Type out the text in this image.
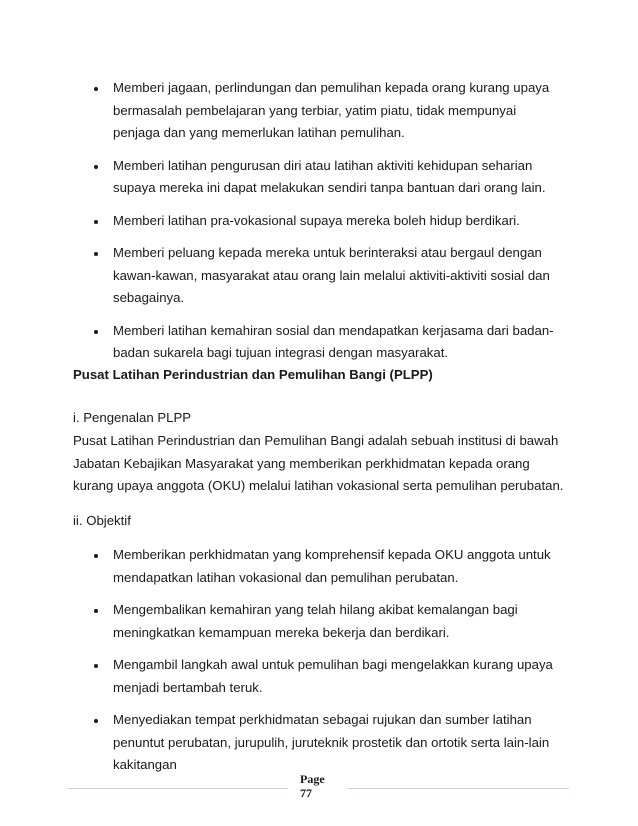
Memberi jagaan, perlindungan dan pemulihan kepada orang kurang upaya bermasalah pembelajaran yang terbiar, yatim piatu, tidak mempunyai penjaga dan yang memerlukan latihan pemulihan.
Memberi latihan pengurusan diri atau latihan aktiviti kehidupan seharian supaya mereka ini dapat melakukan sendiri tanpa bantuan dari orang lain.
Memberi latihan pra-vokasional supaya mereka boleh hidup berdikari.
Memberi peluang kepada mereka untuk berinteraksi atau bergaul dengan kawan-kawan, masyarakat atau orang lain melalui aktiviti-aktiviti sosial dan sebagainya.
Memberi latihan kemahiran sosial dan mendapatkan kerjasama dari badan-badan sukarela bagi tujuan integrasi dengan masyarakat.
Pusat Latihan Perindustrian dan Pemulihan Bangi (PLPP)
i. Pengenalan PLPP

Pusat Latihan Perindustrian dan Pemulihan Bangi adalah sebuah institusi di bawah Jabatan Kebajikan Masyarakat yang memberikan perkhidmatan kepada orang kurang upaya anggota (OKU) melalui latihan vokasional serta pemulihan perubatan.

ii. Objektif
Memberikan perkhidmatan yang komprehensif kepada OKU anggota untuk mendapatkan latihan vokasional dan pemulihan perubatan.
Mengembalikan kemahiran yang telah hilang akibat kemalangan bagi meningkatkan kemampuan mereka bekerja dan berdikari.
Mengambil langkah awal untuk pemulihan bagi mengelakkan kurang upaya menjadi bertambah teruk.
Menyediakan tempat perkhidmatan sebagai rujukan dan sumber latihan penuntut perubatan, jurupulih, juruteknik prostetik dan ortotik serta lain-lain kakitangan
Page
77
